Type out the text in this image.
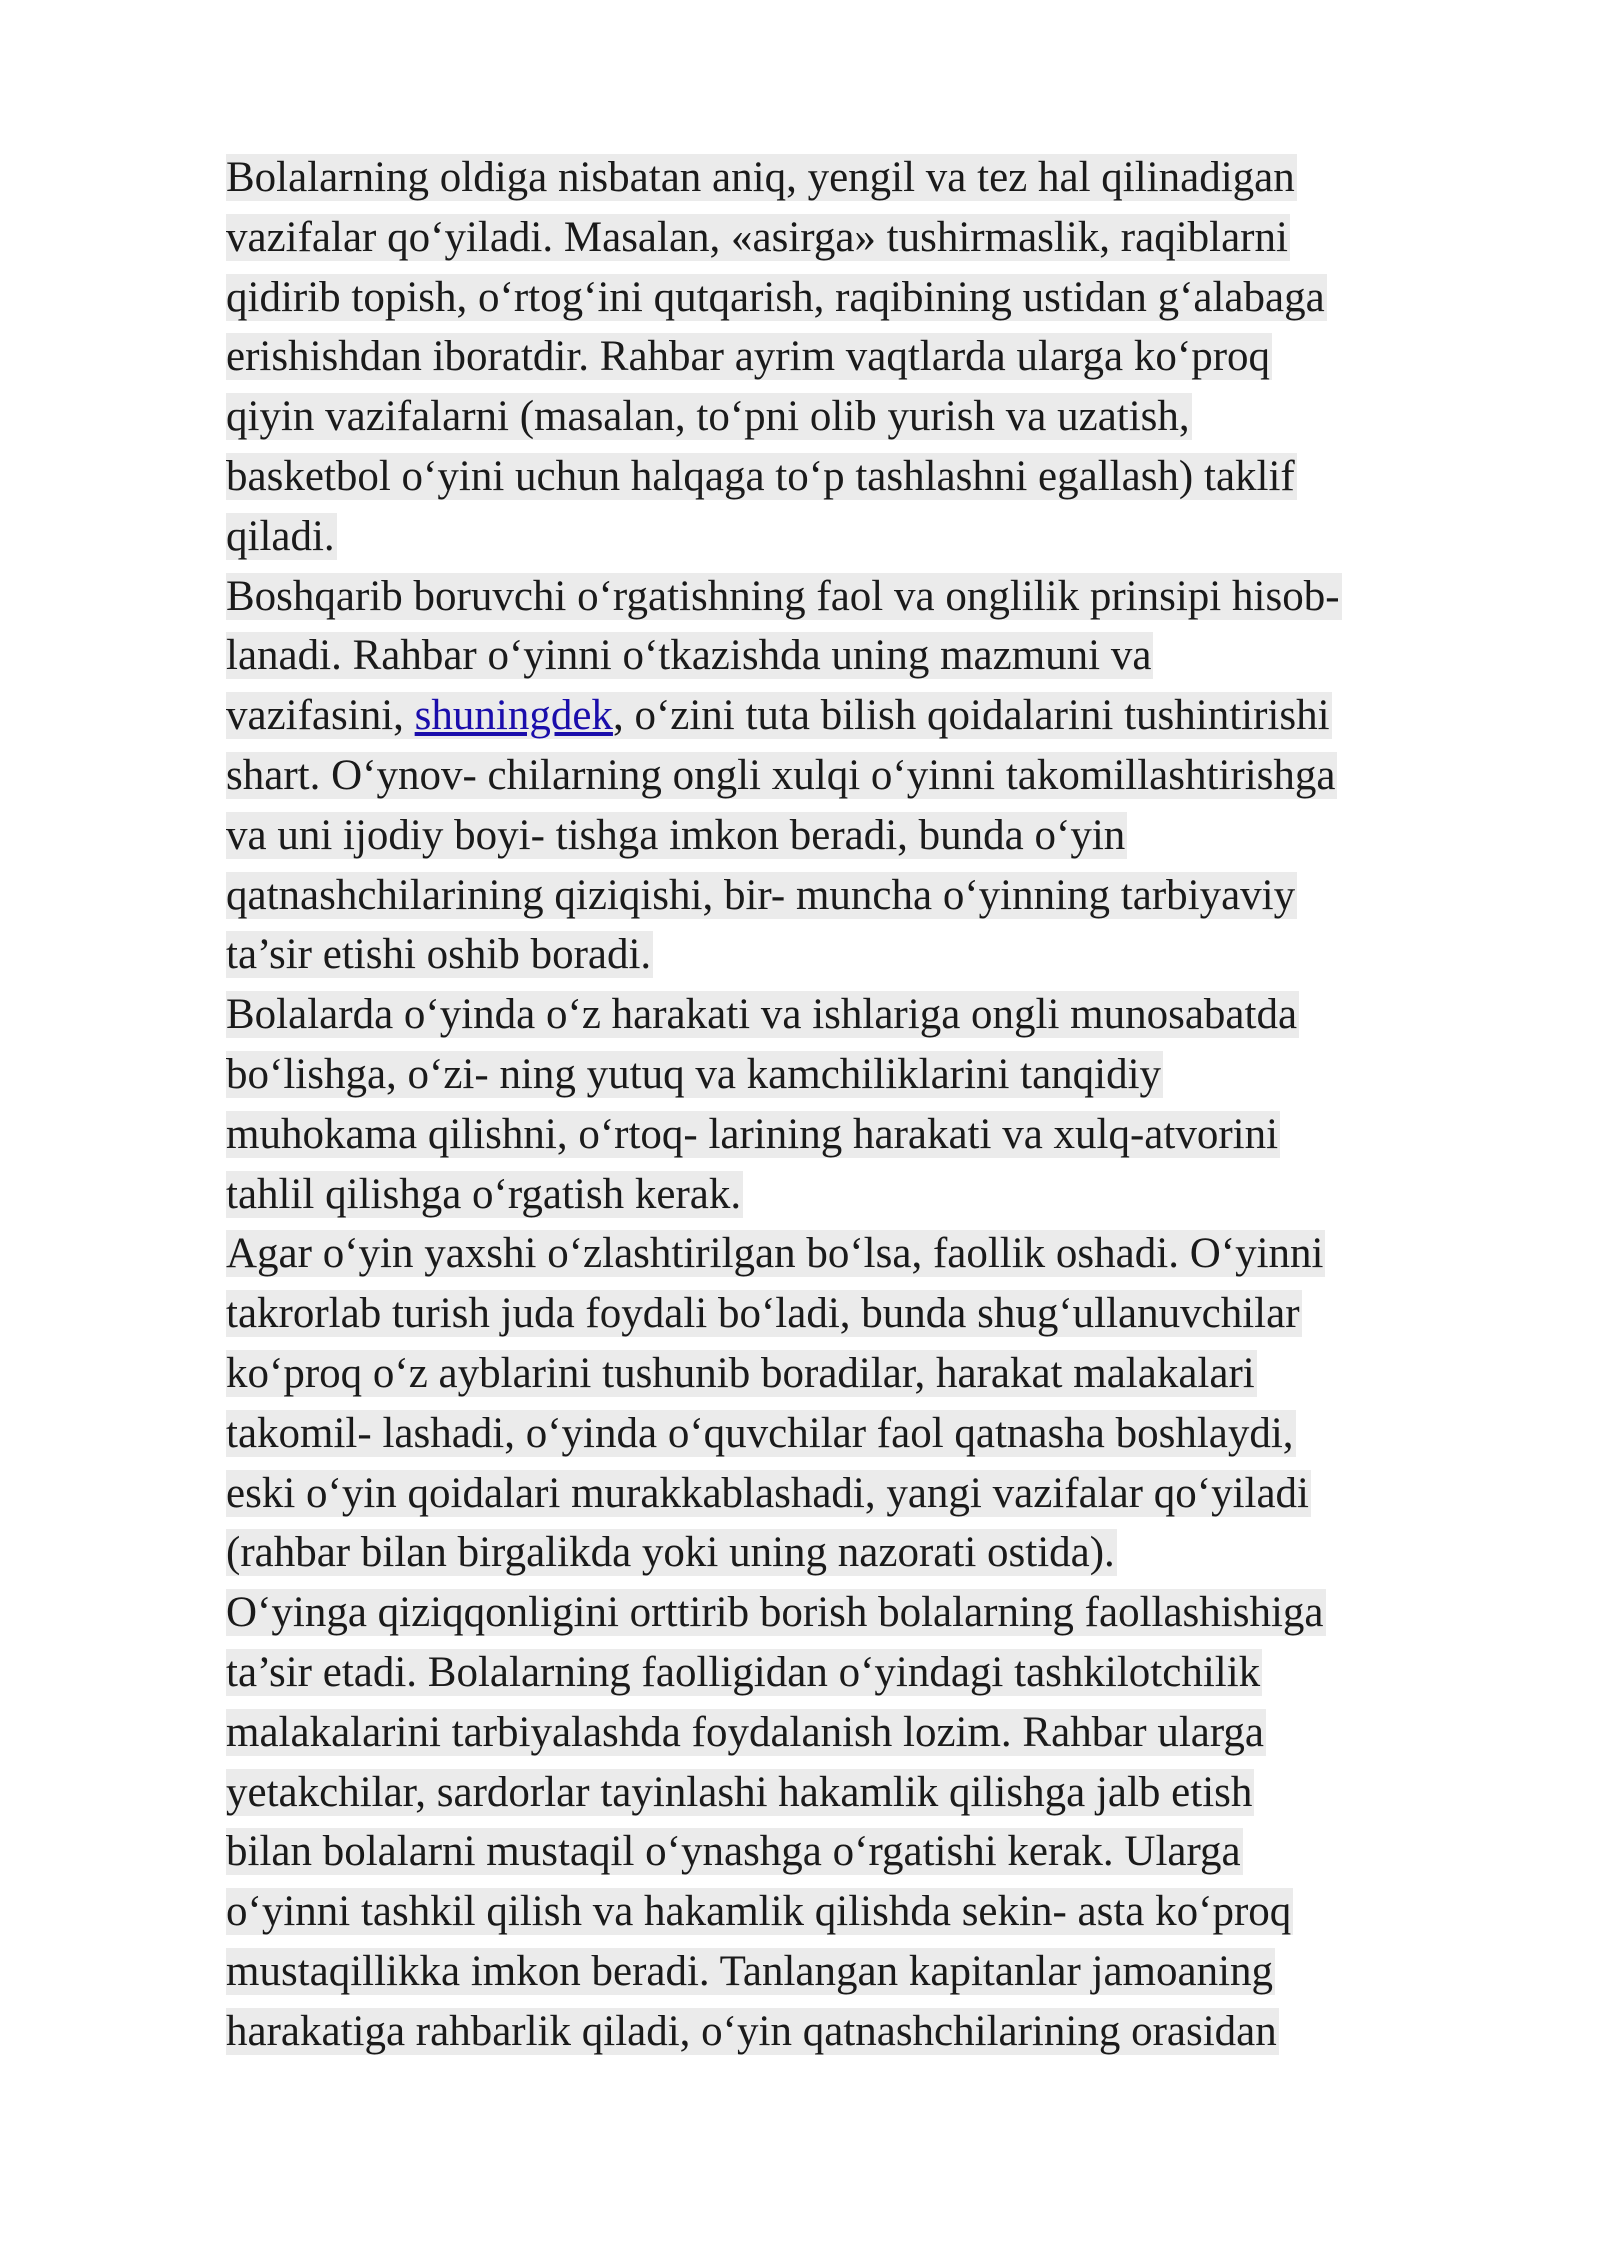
Bolalarning oldiga nisbatan aniq, yengil va tez hal qilinadigan
vazifalar qo‘yiladi. Masalan, «asirga» tushirmaslik, raqiblarni
qidirib topish, o‘rtog‘ini qutqarish, raqibining ustidan g‘alabaga
erishishdan iboratdir. Rahbar ayrim vaqtlarda ularga ko‘proq
qiyin vazifalarni (masalan, to‘pni olib yurish va uzatish,
basketbol o‘yini uchun halqaga to‘p tashlashni egallash) taklif
qiladi.
Boshqarib boruvchi o‘rgatishning faol va onglilik prinsipi hisob-
lanadi. Rahbar o‘yinni o‘tkazishda uning mazmuni va
vazifasini, shuningdek, o‘zini tuta bilish qoidalarini tushintirishi
shart. O‘ynov- chilarning ongli xulqi o‘yinni takomillashtirishga
va uni ijodiy boyi- tishga imkon beradi, bunda o‘yin
qatnashchilarining qiziqishi, bir- muncha o‘yinning tarbiyaviy
ta’sir etishi oshib boradi.
Bolalarda o‘yinda o‘z harakati va ishlariga ongli munosabatda
bo‘lishga, o‘zi- ning yutuq va kamchiliklarini tanqidiy
muhokama qilishni, o‘rtoq- larining harakati va xulq-atvorini
tahlil qilishga o‘rgatish kerak.
Agar o‘yin yaxshi o‘zlashtirilgan bo‘lsa, faollik oshadi. O‘yinni
takrorlab turish juda foydali bo‘ladi, bunda shug‘ullanuvchilar
ko‘proq o‘z ayblarini tushunib boradilar, harakat malakalari
takomil- lashadi, o‘yinda o‘quvchilar faol qatnasha boshlaydi,
eski o‘yin qoidalari murakkablashadi, yangi vazifalar qo‘yiladi
(rahbar bilan birgalikda yoki uning nazorati ostida).
O‘yinga qiziqqonligini orttirib borish bolalarning faollashishiga
ta’sir etadi. Bolalarning faolligidan o‘yindagi tashkilotchilik
malakalarini tarbiyalashda foydalanish lozim. Rahbar ularga
yetakchilar, sardorlar tayinlashi hakamlik qilishga jalb etish
bilan bolalarni mustaqil o‘ynashga o‘rgatishi kerak. Ularga
o‘yinni tashkil qilish va hakamlik qilishda sekin- asta ko‘proq
mustaqillikka imkon beradi. Tanlangan kapitanlar jamoaning
harakatiga rahbarlik qiladi, o‘yin qatnashchilarining orasidan
